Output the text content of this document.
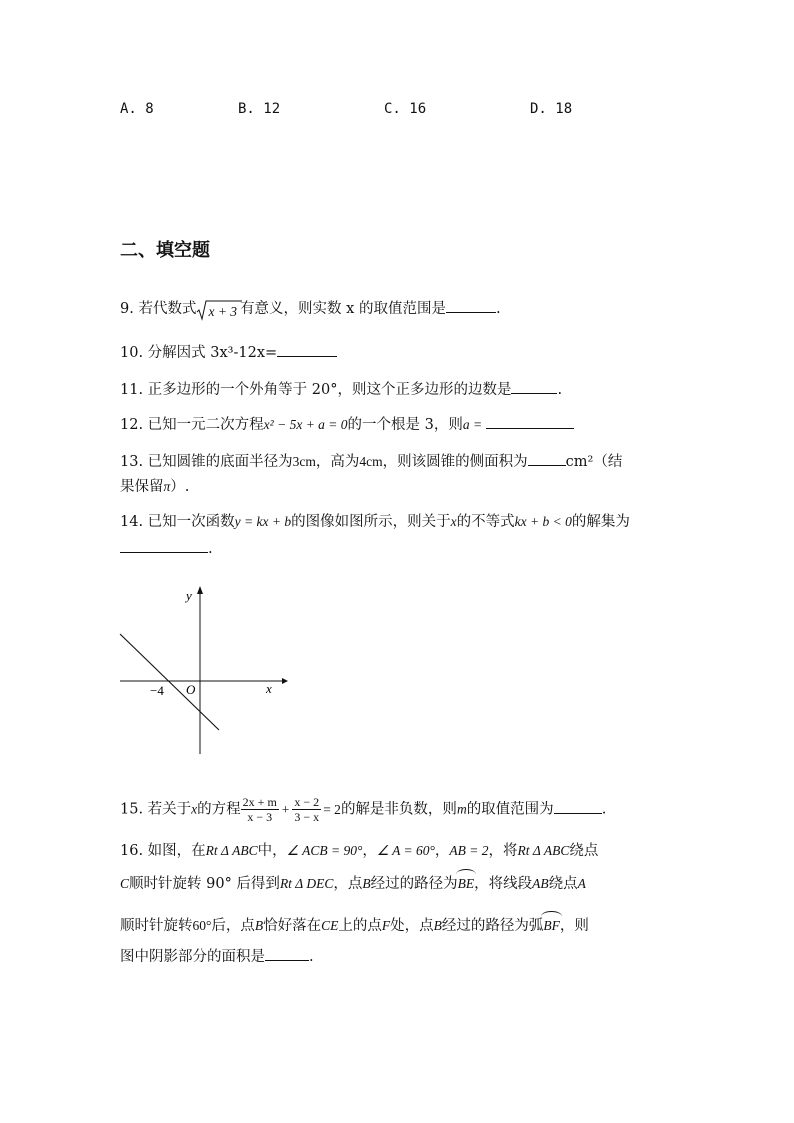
A. 8	B. 12	C. 16	D. 18
二、填空题
9. 若代数式 x + 3 有意义，则实数 x 的取值范围是	.
10. 分解因式 3x³-12x=
11. 正多边形的一个外角等于 20°，则这个正多边形的边数是	.
12. 已知一元二次方程x² − 5x + a = 0的一个根是 3，则a =
13. 已知圆锥的底面半径为3cm，高为4cm，则该圆锥的侧面积为	cm²（结
果保留π）.
14. 已知一次函数y = kx + b的图像如图所示，则关于x的不等式kx + b < 0的解集为
.
y
x
O
−4
15. 若关于x的方程 $\frac{2x + m}{x - 3} + \frac{x - 2}{3 - x} = 2$的解是非负数，则m的取值范围为	.
16. 如图，在Rt Δ ABC中，∠ ACB = 90°，∠ A = 60°，AB = 2，将Rt Δ ABC绕点
C顺时针旋转 90° 后得到Rt Δ DEC，点B经过的路径为BE，将线段AB绕点A
顺时针旋转60°后，点B恰好落在CE上的点F处，点B经过的路径为弧BF，则
图中阴影部分的面积是	.
